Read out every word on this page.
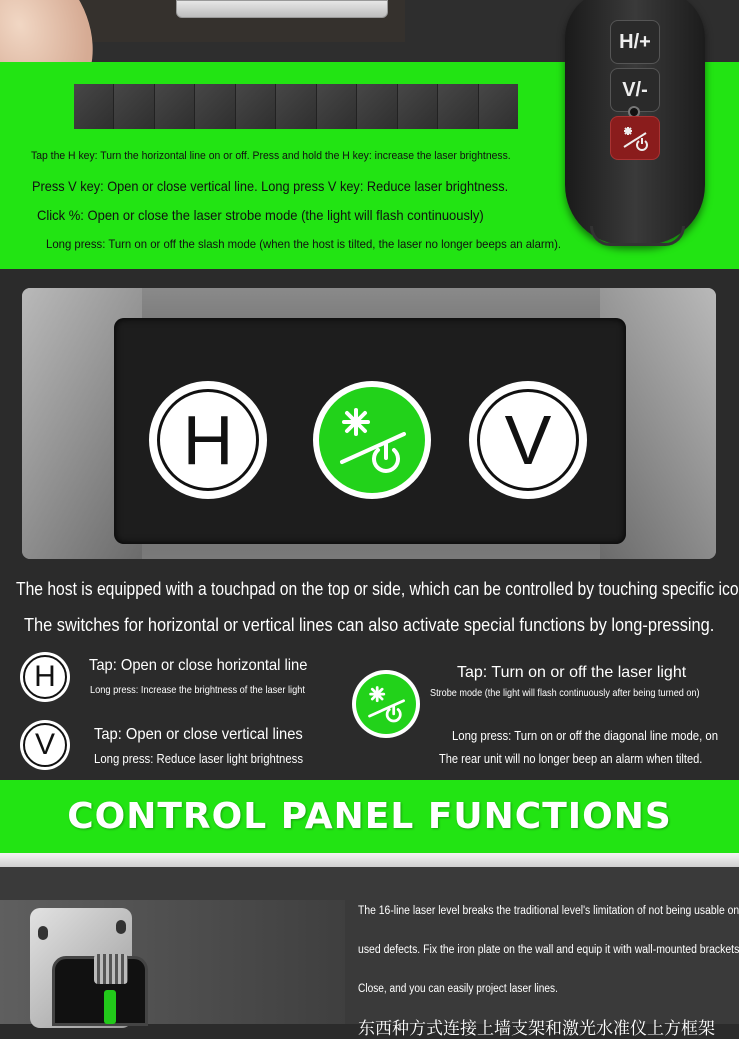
Tap the H key: Turn the horizontal line on or off. Press and hold the H key: increase the laser brightness.
Press V key: Open or close vertical line. Long press V key: Reduce laser brightness.
Click %: Open or close the laser strobe mode (the light will flash continuously)
Long press: Turn on or off the slash mode (when the host is tilted, the laser no longer beeps an alarm).
H/+
V/-
H	V
The host is equipped with a touchpad on the top or side, which can be controlled by touching specific ico
The switches for horizontal or vertical lines can also activate special functions by long-pressing.
H
V
Tap: Open or close horizontal line
Long press: Increase the brightness of the laser light
Tap: Open or close vertical lines
Long press: Reduce laser light brightness
Tap: Turn on or off the laser light
Strobe mode (the light will flash continuously after being turned on)
Long press: Turn on or off the diagonal line mode, on
The rear unit will no longer beep an alarm when tilted.
CONTROL PANEL FUNCTIONS
The 16-line laser level breaks the traditional level's limitation of not being usable on
used defects. Fix the iron plate on the wall and equip it with wall-mounted brackets
Close, and you can easily project laser lines.
东西种方式连接上墙支架和激光水准仪上方框架
